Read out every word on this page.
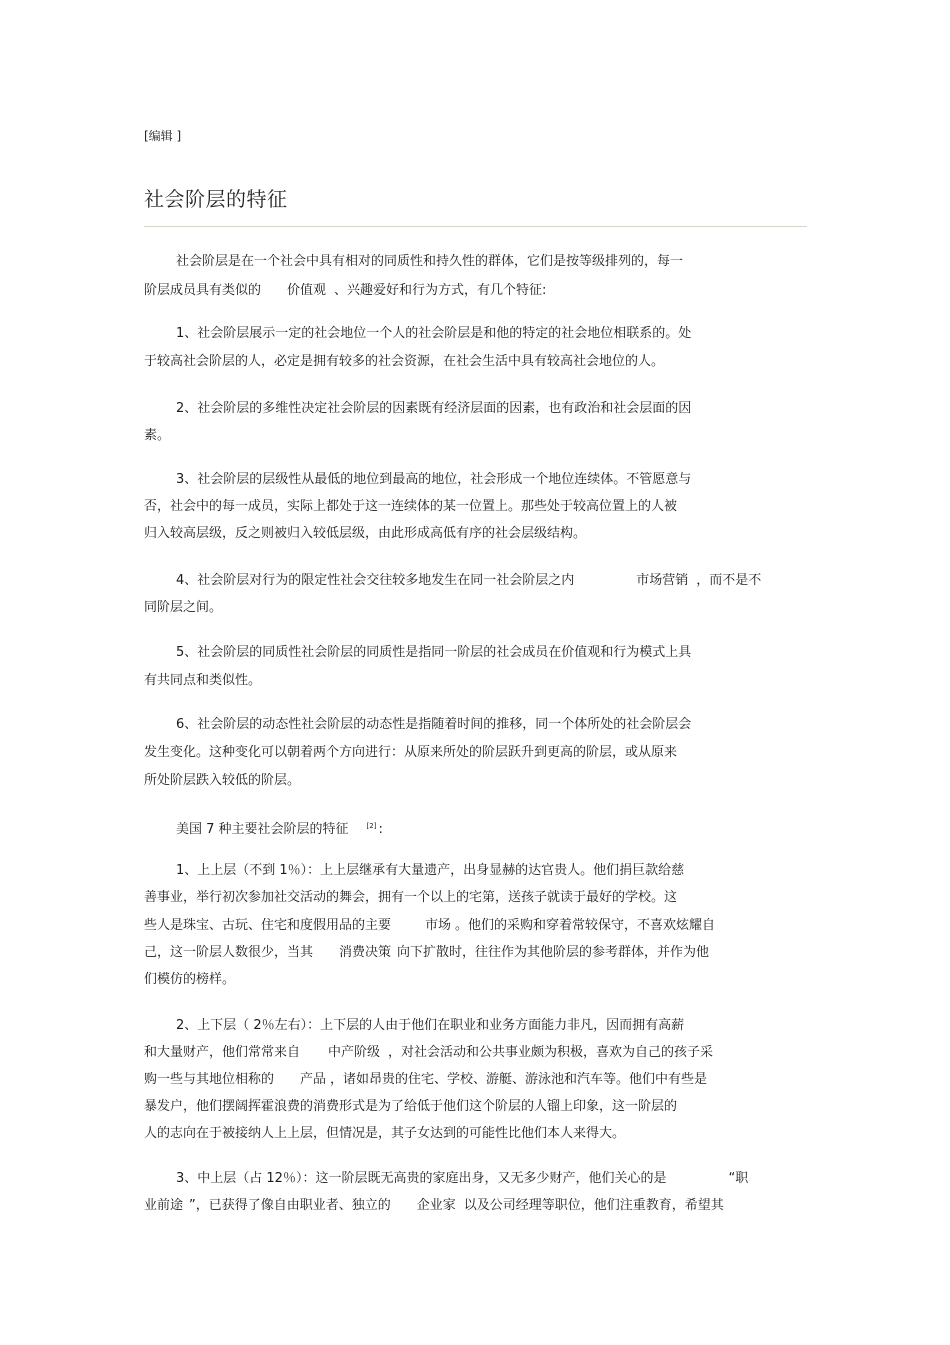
[编辑 ]
社会阶层的特征
社会阶层是在一个社会中具有相对的同质性和持久性的群体，它们是按等级排列的，每一
阶层成员具有类似的 价值观 、兴趣爱好和行为方式，有几个特征:
1、社会阶层展示一定的社会地位一个人的社会阶层是和他的特定的社会地位相联系的。处
于较高社会阶层的人，必定是拥有较多的社会资源，在社会生活中具有较高社会地位的人。
2、社会阶层的多维性决定社会阶层的因素既有经济层面的因素，也有政治和社会层面的因
素。
3、社会阶层的层级性从最低的地位到最高的地位，社会形成一个地位连续体。不管愿意与
否，社会中的每一成员，实际上都处于这一连续体的某一位置上。那些处于较高位置上的人被
归入较高层级，反之则被归入较低层级，由此形成高低有序的社会层级结构。
4、社会阶层对行为的限定性社会交往较多地发生在同一社会阶层之内	市场营销 ，而不是不
同阶层之间。
5、社会阶层的同质性社会阶层的同质性是指同一阶层的社会成员在价值观和行为模式上具
有共同点和类似性。
6、社会阶层的动态性社会阶层的动态性是指随着时间的推移，同一个体所处的社会阶层会
发生变化。这种变化可以朝着两个方向进行：从原来所处的阶层跃升到更高的阶层，或从原来
所处阶层跌入较低的阶层。
美国 7 种主要社会阶层的特征	[2] :
1、上上层（不到 1％）：上上层继承有大量遗产，出身显赫的达官贵人。他们捐巨款给慈
善事业，举行初次参加社交活动的舞会，拥有一个以上的宅第，送孩子就读于最好的学校。这
些人是珠宝、古玩、住宅和度假用品的主要	市场 。他们的采购和穿着常较保守，不喜欢炫耀自
己，这一阶层人数很少，当其 消费决策 向下扩散时，往往作为其他阶层的参考群体，并作为他
们模仿的榜样。
2、上下层（ 2％左右）：上下层的人由于他们在职业和业务方面能力非凡，因而拥有高薪
和大量财产，他们常常来自 中产阶级 ，对社会活动和公共事业颇为积极，喜欢为自己的孩子采
购一些与其地位相称的 产品 ，诸如昂贵的住宅、学校、游艇、游泳池和汽车等。他们中有些是
暴发户，他们摆阔挥霍浪费的消费形式是为了给低于他们这个阶层的人镏上印象，这一阶层的
人的志向在于被接纳人上上层，但情况是，其子女达到的可能性比他们本人来得大。
3、中上层（占 12％）：这一阶层既无高贵的家庭出身，又无多少财产，他们关心的是	“职
业前途 ”，已获得了像自由职业者、独立的 企业家 以及公司经理等职位，他们注重教育，希望其
